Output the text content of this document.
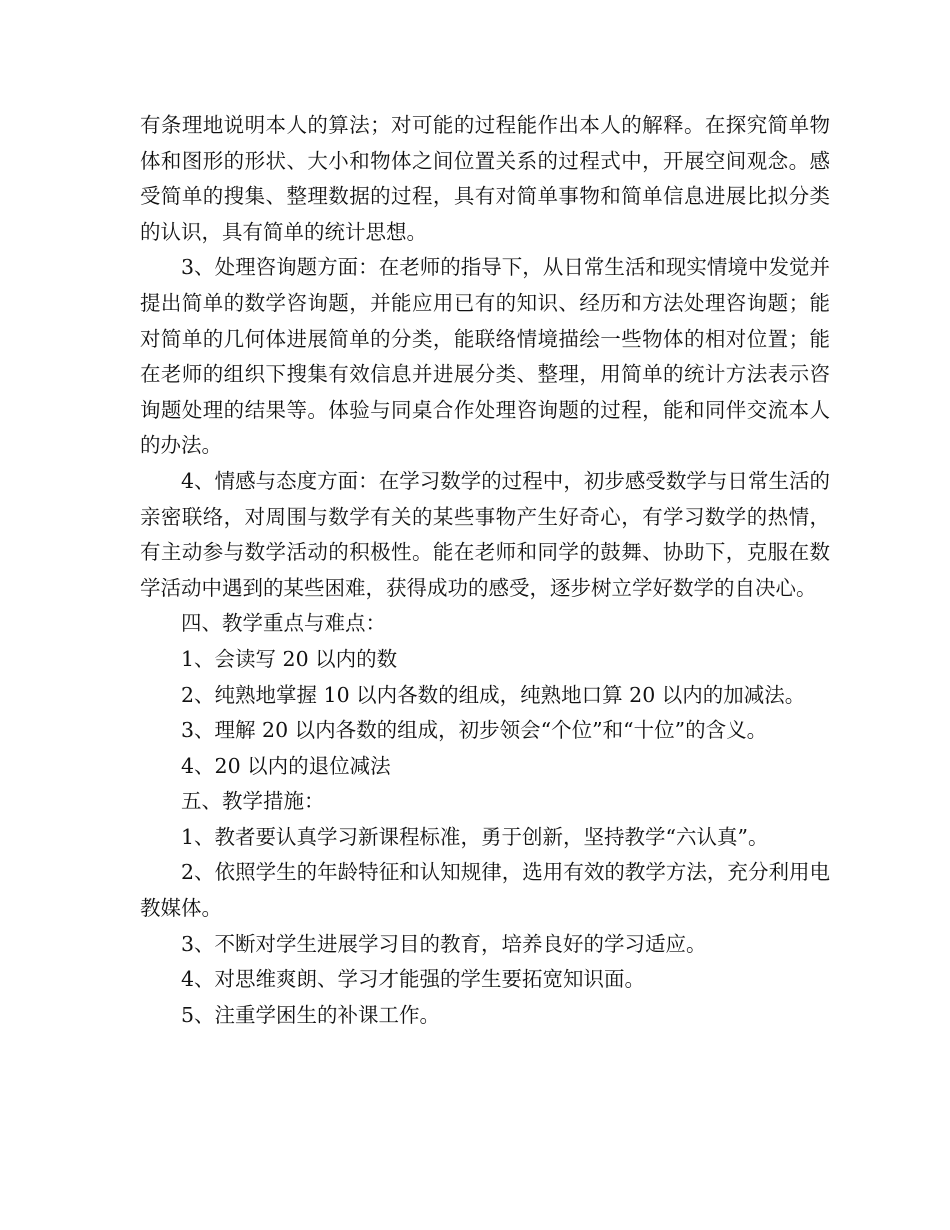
有条理地说明本人的算法；对可能的过程能作出本人的解释。在探究简单物体和图形的形状、大小和物体之间位置关系的过程式中，开展空间观念。感受简单的搜集、整理数据的过程，具有对简单事物和简单信息进展比拟分类的认识，具有简单的统计思想。

3、处理咨询题方面：在老师的指导下，从日常生活和现实情境中发觉并提出简单的数学咨询题，并能应用已有的知识、经历和方法处理咨询题；能对简单的几何体进展简单的分类，能联络情境描绘一些物体的相对位置；能在老师的组织下搜集有效信息并进展分类、整理，用简单的统计方法表示咨询题处理的结果等。体验与同桌合作处理咨询题的过程，能和同伴交流本人的办法。

4、情感与态度方面：在学习数学的过程中，初步感受数学与日常生活的亲密联络，对周围与数学有关的某些事物产生好奇心，有学习数学的热情，有主动参与数学活动的积极性。能在老师和同学的鼓舞、协助下，克服在数学活动中遇到的某些困难，获得成功的感受，逐步树立学好数学的自决心。

四、教学重点与难点：

1、会读写 20 以内的数

2、纯熟地掌握 10 以内各数的组成，纯熟地口算 20 以内的加减法。

3、理解 20 以内各数的组成，初步领会“个位”和“十位”的含义。

4、20 以内的退位减法

五、教学措施：

1、教者要认真学习新课程标准，勇于创新，坚持教学“六认真”。

2、依照学生的年龄特征和认知规律，选用有效的教学方法，充分利用电教媒体。

3、不断对学生进展学习目的教育，培养良好的学习适应。

4、对思维爽朗、学习才能强的学生要拓宽知识面。

5、注重学困生的补课工作。
